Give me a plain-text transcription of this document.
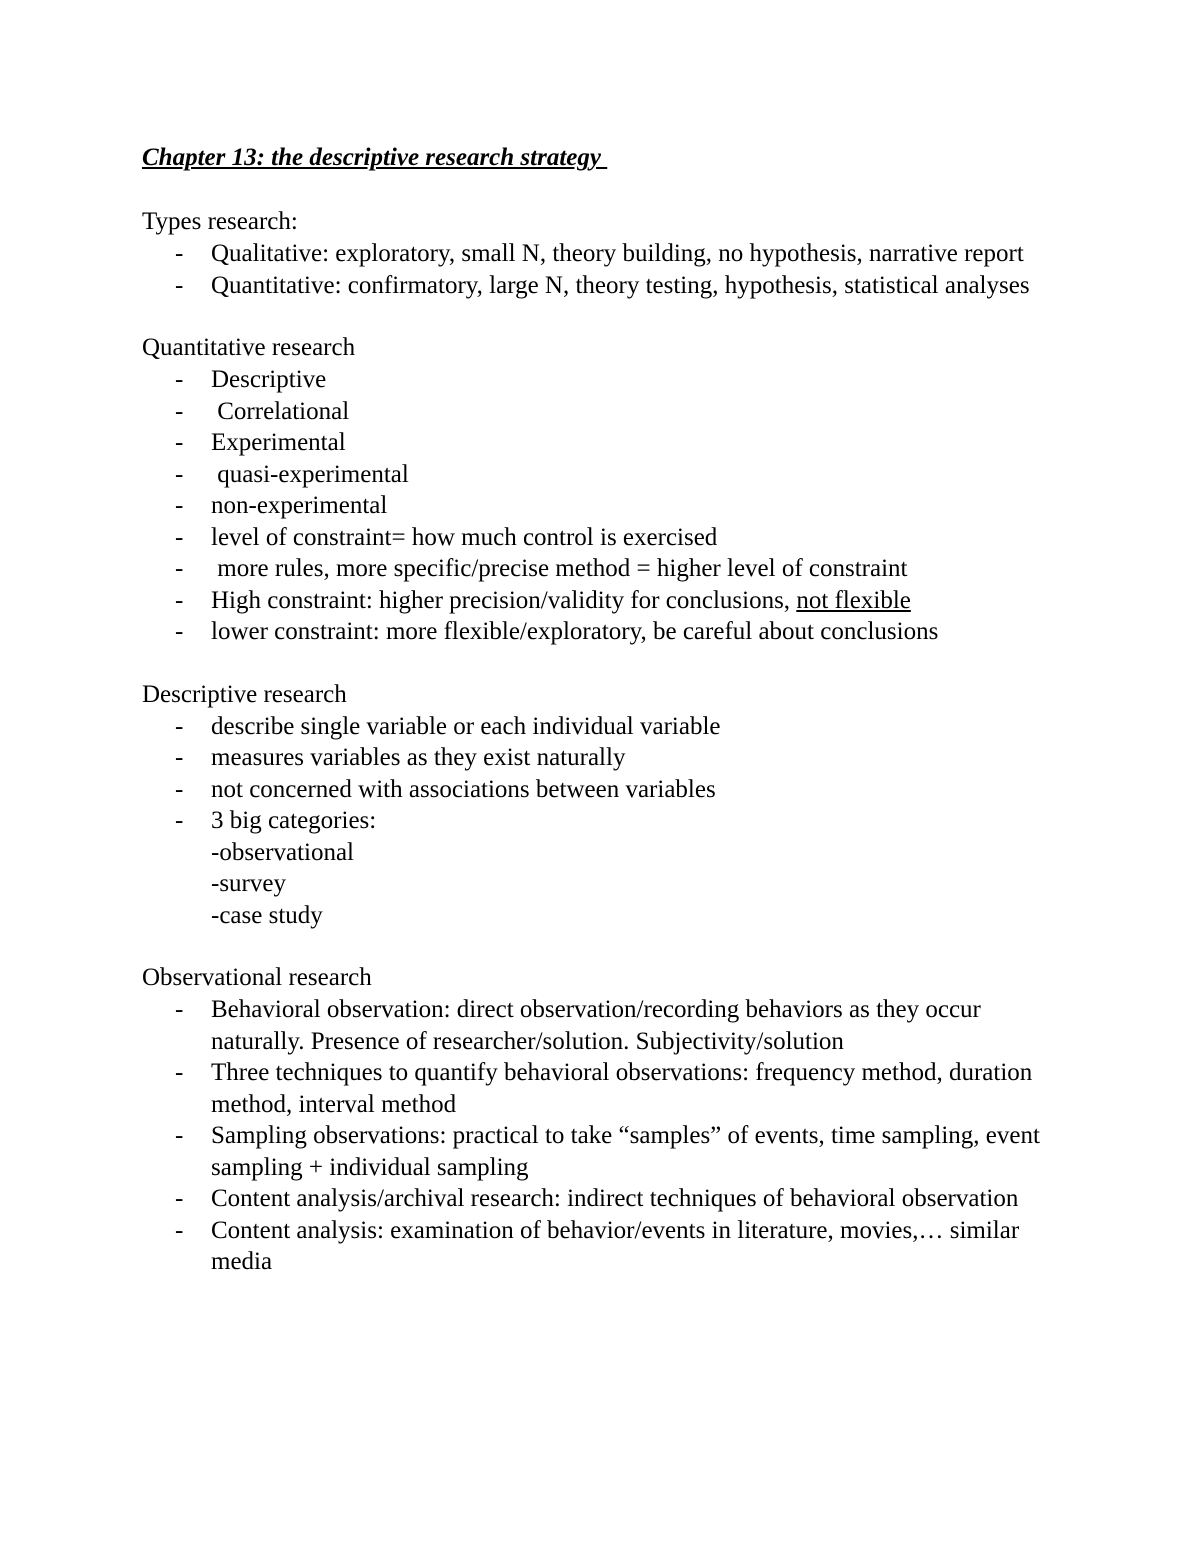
Chapter 13: the descriptive research strategy
Types research:
- Qualitative: exploratory, small N, theory building, no hypothesis, narrative report
- Quantitative: confirmatory, large N, theory testing, hypothesis, statistical analyses
Quantitative research
- Descriptive
-  Correlational
- Experimental
-  quasi-experimental
- non-experimental
- level of constraint= how much control is exercised
-  more rules, more specific/precise method = higher level of constraint
- High constraint: higher precision/validity for conclusions, not flexible
- lower constraint: more flexible/exploratory, be careful about conclusions
Descriptive research
- describe single variable or each individual variable
- measures variables as they exist naturally
- not concerned with associations between variables
- 3 big categories:
-observational
-survey
-case study
Observational research
- Behavioral observation: direct observation/recording behaviors as they occur naturally. Presence of researcher/solution. Subjectivity/solution
- Three techniques to quantify behavioral observations: frequency method, duration method, interval method
- Sampling observations: practical to take “samples” of events, time sampling, event sampling + individual sampling
- Content analysis/archival research: indirect techniques of behavioral observation
- Content analysis: examination of behavior/events in literature, movies,… similar media
